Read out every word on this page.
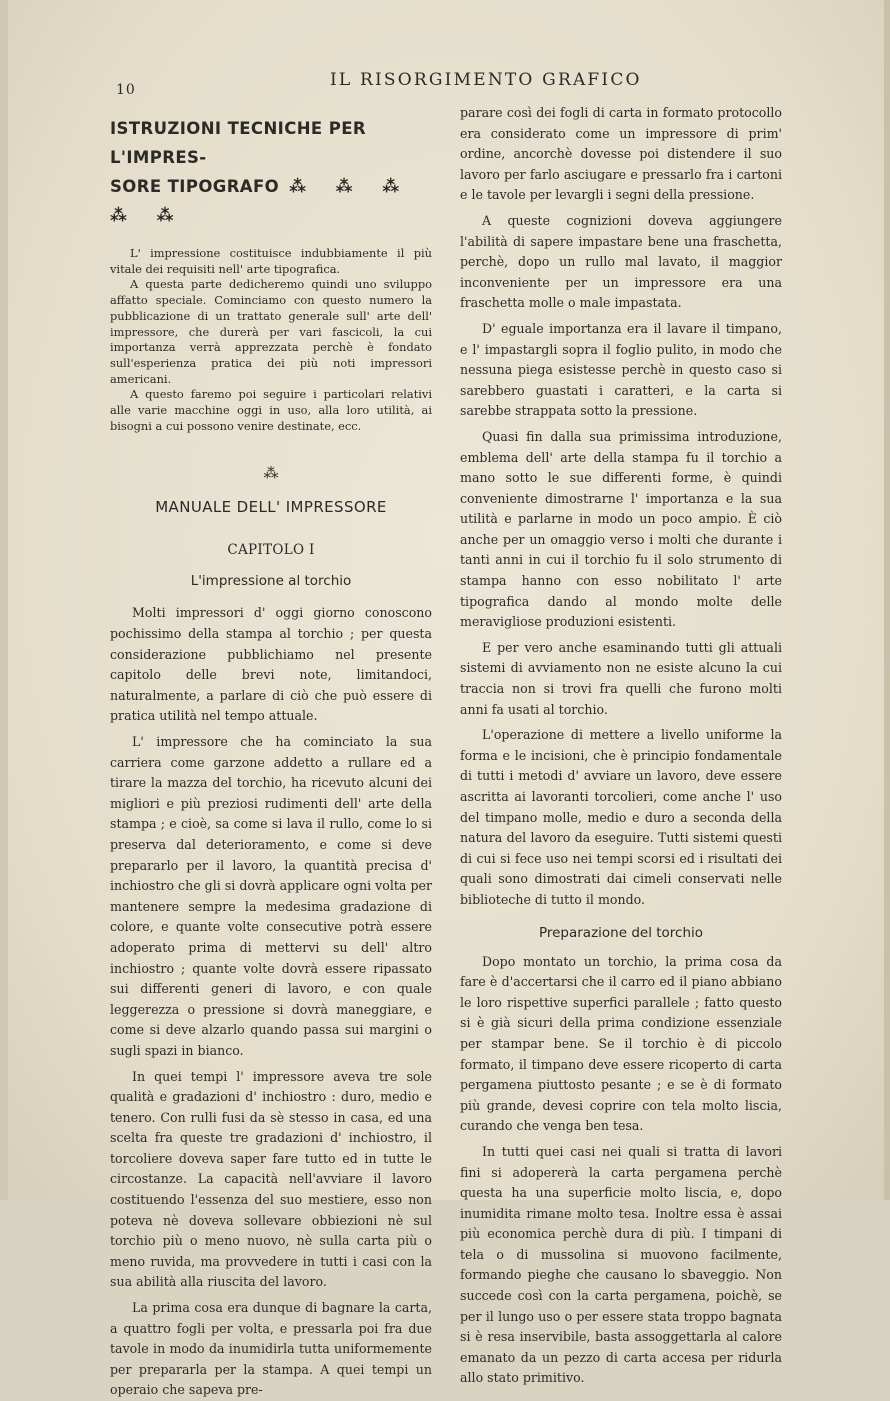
10	IL RISORGIMENTO GRAFICO
ISTRUZIONI TECNICHE PER L'IMPRES-
SORE TIPOGRAFO ⁂ ⁂ ⁂ ⁂ ⁂

L' impressione costituisce indubbiamente il più vitale dei requisiti nell' arte tipografica.

A questa parte dedicheremo quindi uno sviluppo affatto speciale. Cominciamo con questo numero la pubblicazione di un trattato generale sull' arte dell' impressore, che durerà per vari fascicoli, la cui importanza verrà apprezzata perchè è fondato sull'esperienza pratica dei più noti impressori americani.

A questo faremo poi seguire i particolari relativi alle varie macchine oggi in uso, alla loro utilità, ai bisogni a cui possono venire destinate, ecc.

⁂
MANUALE DELL' IMPRESSORE
CAPITOLO I
L'impressione al torchio

Molti impressori d' oggi giorno conoscono pochissimo della stampa al torchio ; per questa considerazione pubblichiamo nel presente capitolo delle brevi note, limitandoci, naturalmente, a parlare di ciò che può essere di pratica utilità nel tempo attuale.

L' impressore che ha cominciato la sua carriera come garzone addetto a rullare ed a tirare la mazza del torchio, ha ricevuto alcuni dei migliori e più preziosi rudimenti dell' arte della stampa ; e cioè, sa come si lava il rullo, come lo si preserva dal deterioramento, e come si deve prepararlo per il lavoro, la quantità precisa d' inchiostro che gli si dovrà applicare ogni volta per mantenere sempre la medesima gradazione di colore, e quante volte consecutive potrà essere adoperato prima di mettervi su dell' altro inchiostro ; quante volte dovrà essere ripassato sui differenti generi di lavoro, e con quale leggerezza o pressione si dovrà maneggiare, e come si deve alzarlo quando passa sui margini o sugli spazi in bianco.

In quei tempi l' impressore aveva tre sole qualità e gradazioni d' inchiostro : duro, medio e tenero. Con rulli fusi da sè stesso in casa, ed una scelta fra queste tre gradazioni d' inchiostro, il torcoliere doveva saper fare tutto ed in tutte le circostanze. La capacità nell'avviare il lavoro costituendo l'essenza del suo mestiere, esso non poteva nè doveva sollevare obbiezioni nè sul torchio più o meno nuovo, nè sulla carta più o meno ruvida, ma provvedere in tutti i casi con la sua abilità alla riuscita del lavoro.

La prima cosa era dunque di bagnare la carta, a quattro fogli per volta, e pressarla poi fra due tavole in modo da inumidirla tutta uniformemente per prepararla per la stampa. A quei tempi un operaio che sapeva pre-

parare così dei fogli di carta in formato protocollo era considerato come un impressore di prim' ordine, ancorchè dovesse poi distendere il suo lavoro per farlo asciugare e pressarlo fra i cartoni e le tavole per levargli i segni della pressione.

A queste cognizioni doveva aggiungere l'abilità di sapere impastare bene una fraschetta, perchè, dopo un rullo mal lavato, il maggior inconveniente per un impressore era una fraschetta molle o male impastata.

D' eguale importanza era il lavare il timpano, e l' impastargli sopra il foglio pulito, in modo che nessuna piega esistesse perchè in questo caso si sarebbero guastati i caratteri, e la carta si sarebbe strappata sotto la pressione.

Quasi fin dalla sua primissima introduzione, emblema dell' arte della stampa fu il torchio a mano sotto le sue differenti forme, è quindi conveniente dimostrarne l' importanza e la sua utilità e parlarne in modo un poco ampio. È ciò anche per un omaggio verso i molti che durante i tanti anni in cui il torchio fu il solo strumento di stampa hanno con esso nobilitato l' arte tipografica dando al mondo molte delle meravigliose produzioni esistenti.

E per vero anche esaminando tutti gli attuali sistemi di avviamento non ne esiste alcuno la cui traccia non si trovi fra quelli che furono molti anni fa usati al torchio.

L'operazione di mettere a livello uniforme la forma e le incisioni, che è principio fondamentale di tutti i metodi d' avviare un lavoro, deve essere ascritta ai lavoranti torcolieri, come anche l' uso del timpano molle, medio e duro a seconda della natura del lavoro da eseguire. Tutti sistemi questi di cui si fece uso nei tempi scorsi ed i risultati dei quali sono dimostrati dai cimeli conservati nelle biblioteche di tutto il mondo.

Preparazione del torchio

Dopo montato un torchio, la prima cosa da fare è d'accertarsi che il carro ed il piano abbiano le loro rispettive superfici parallele ; fatto questo si è già sicuri della prima condizione essenziale per stampar bene. Se il torchio è di piccolo formato, il timpano deve essere ricoperto di carta pergamena piuttosto pesante ; e se è di formato più grande, devesi coprire con tela molto liscia, curando che venga ben tesa.

In tutti quei casi nei quali si tratta di lavori fini si adopererà la carta pergamena perchè questa ha una superficie molto liscia, e, dopo inumidita rimane molto tesa. Inoltre essa è assai più economica perchè dura di più. I timpani di tela o di mussolina si muovono facilmente, formando pieghe che causano lo sbaveggio. Non succede così con la carta pergamena, poichè, se per il lungo uso o per essere stata troppo bagnata si è resa inservibile, basta assoggettarla al calore emanato da un pezzo di carta accesa per ridurla allo stato primitivo.
